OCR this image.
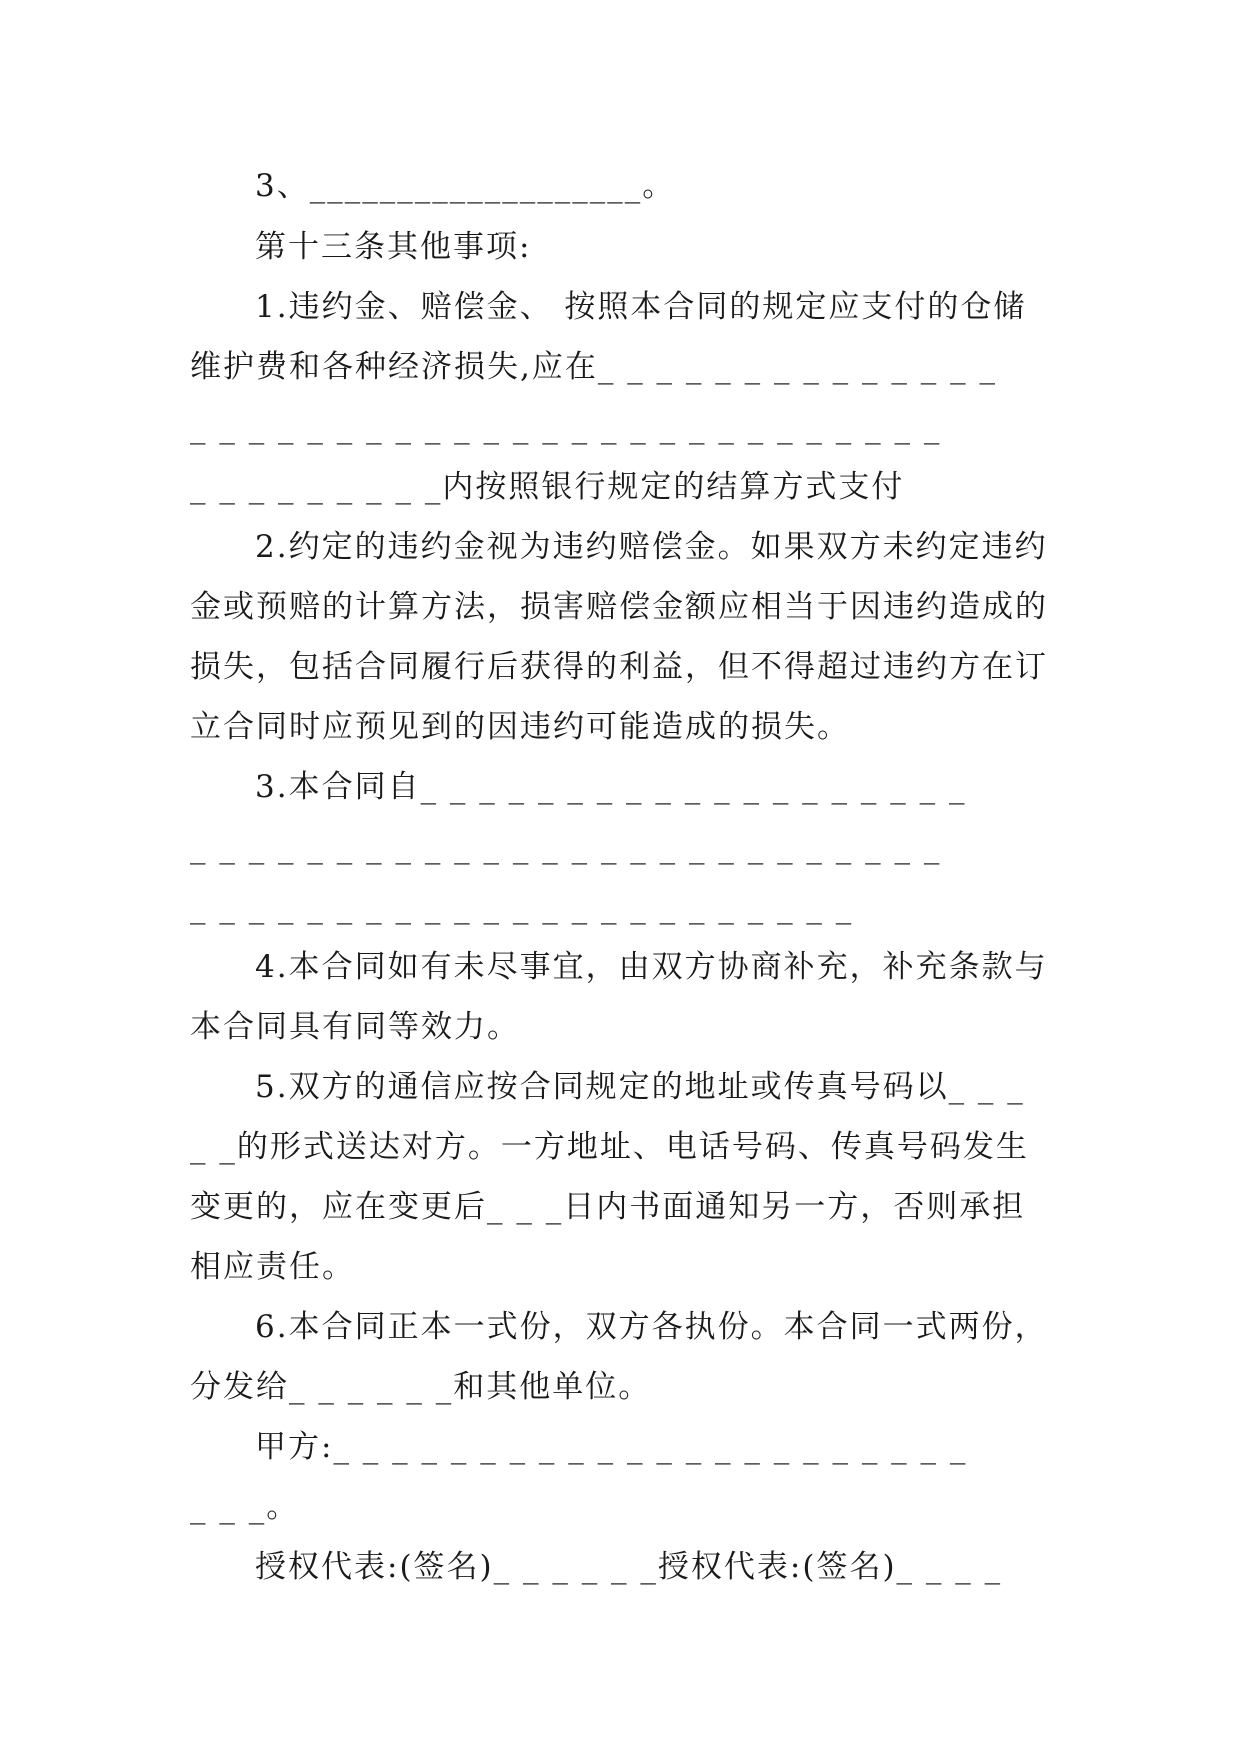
3、___________________。
第十三条其他事项:
1.违约金、赔偿金、 按照本合同的规定应支付的仓储
维护费和各种经济损失,应在_ _ _ _ _ _ _ _ _ _ _ _ _ _
_ _ _ _ _ _ _ _ _ _ _ _ _ _ _ _ _ _ _ _ _ _ _ _ _ _
_ _ _ _ _ _ _ _ _内按照银行规定的结算方式支付
2.约定的违约金视为违约赔偿金。如果双方未约定违约
金或预赔的计算方法，损害赔偿金额应相当于因违约造成的
损失，包括合同履行后获得的利益，但不得超过违约方在订
立合同时应预见到的因违约可能造成的损失。
3.本合同自_ _ _ _ _ _ _ _ _ _ _ _ _ _ _ _ _ _ _
_ _ _ _ _ _ _ _ _ _ _ _ _ _ _ _ _ _ _ _ _ _ _ _ _ _
_ _ _ _ _ _ _ _ _ _ _ _ _ _ _ _ _ _ _ _ _ _ _
4.本合同如有未尽事宜，由双方协商补充，补充条款与
本合同具有同等效力。
5.双方的通信应按合同规定的地址或传真号码以_ _ _
_ _的形式送达对方。一方地址、电话号码、传真号码发生
变更的，应在变更后_ _ _日内书面通知另一方，否则承担
相应责任。
6.本合同正本一式份，双方各执份。本合同一式两份，
分发给_ _ _ _ _ _和其他单位。
甲方:_ _ _ _ _ _ _ _ _ _ _ _ _ _ _ _ _ _ _ _ _ _
_ _ _。
授权代表:(签名)_ _ _ _ _ _授权代表:(签名)_ _ _ _
